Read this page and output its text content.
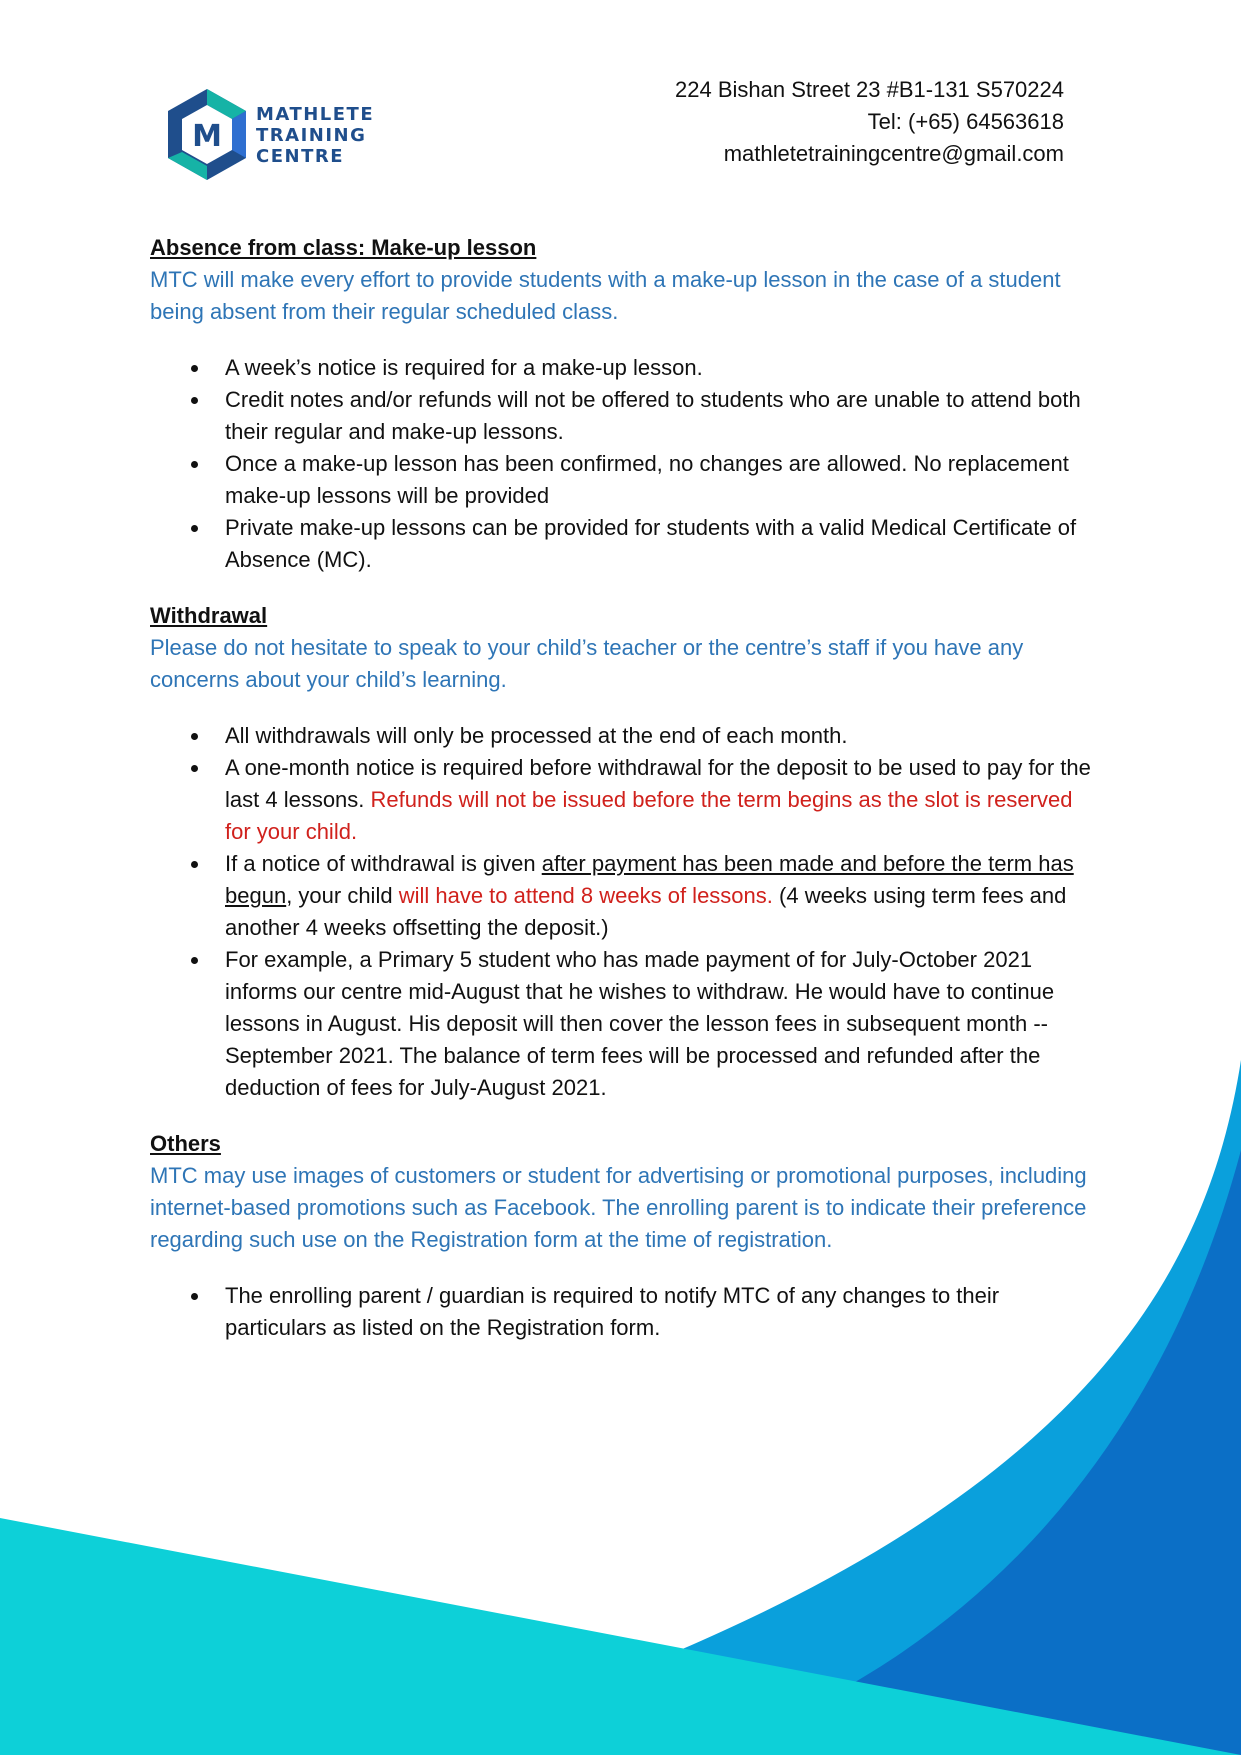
M
MATHLETE
TRAINING
CENTRE
224 Bishan Street 23 #B1-131 S570224
Tel: (+65) 64563618
mathletetrainingcentre@gmail.com

Absence from class: Make-up lesson

MTC will make every effort to provide students with a make-up lesson in the case of a student being absent from their regular scheduled class.

A week’s notice is required for a make-up lesson.
Credit notes and/or refunds will not be offered to students who are unable to attend both their regular and make-up lessons.
Once a make-up lesson has been confirmed, no changes are allowed. No replacement make-up lessons will be provided
Private make-up lessons can be provided for students with a valid Medical Certificate of Absence (MC).

Withdrawal

Please do not hesitate to speak to your child’s teacher or the centre’s staff if you have any concerns about your child’s learning.

All withdrawals will only be processed at the end of each month.
A one-month notice is required before withdrawal for the deposit to be used to pay for the last 4 lessons. Refunds will not be issued before the term begins as the slot is reserved for your child.
If a notice of withdrawal is given after payment has been made and before the term has begun, your child will have to attend 8 weeks of lessons. (4 weeks using term fees and another 4 weeks offsetting the deposit.)
For example, a Primary 5 student who has made payment of for July-October 2021 informs our centre mid-August that he wishes to withdraw. He would have to continue lessons in August. His deposit will then cover the lesson fees in subsequent month -- September 2021. The balance of term fees will be processed and refunded after the deduction of fees for July-August 2021.

Others

MTC may use images of customers or student for advertising or promotional purposes, including internet-based promotions such as Facebook. The enrolling parent is to indicate their preference regarding such use on the Registration form at the time of registration.

The enrolling parent / guardian is required to notify MTC of any changes to their particulars as listed on the Registration form.
